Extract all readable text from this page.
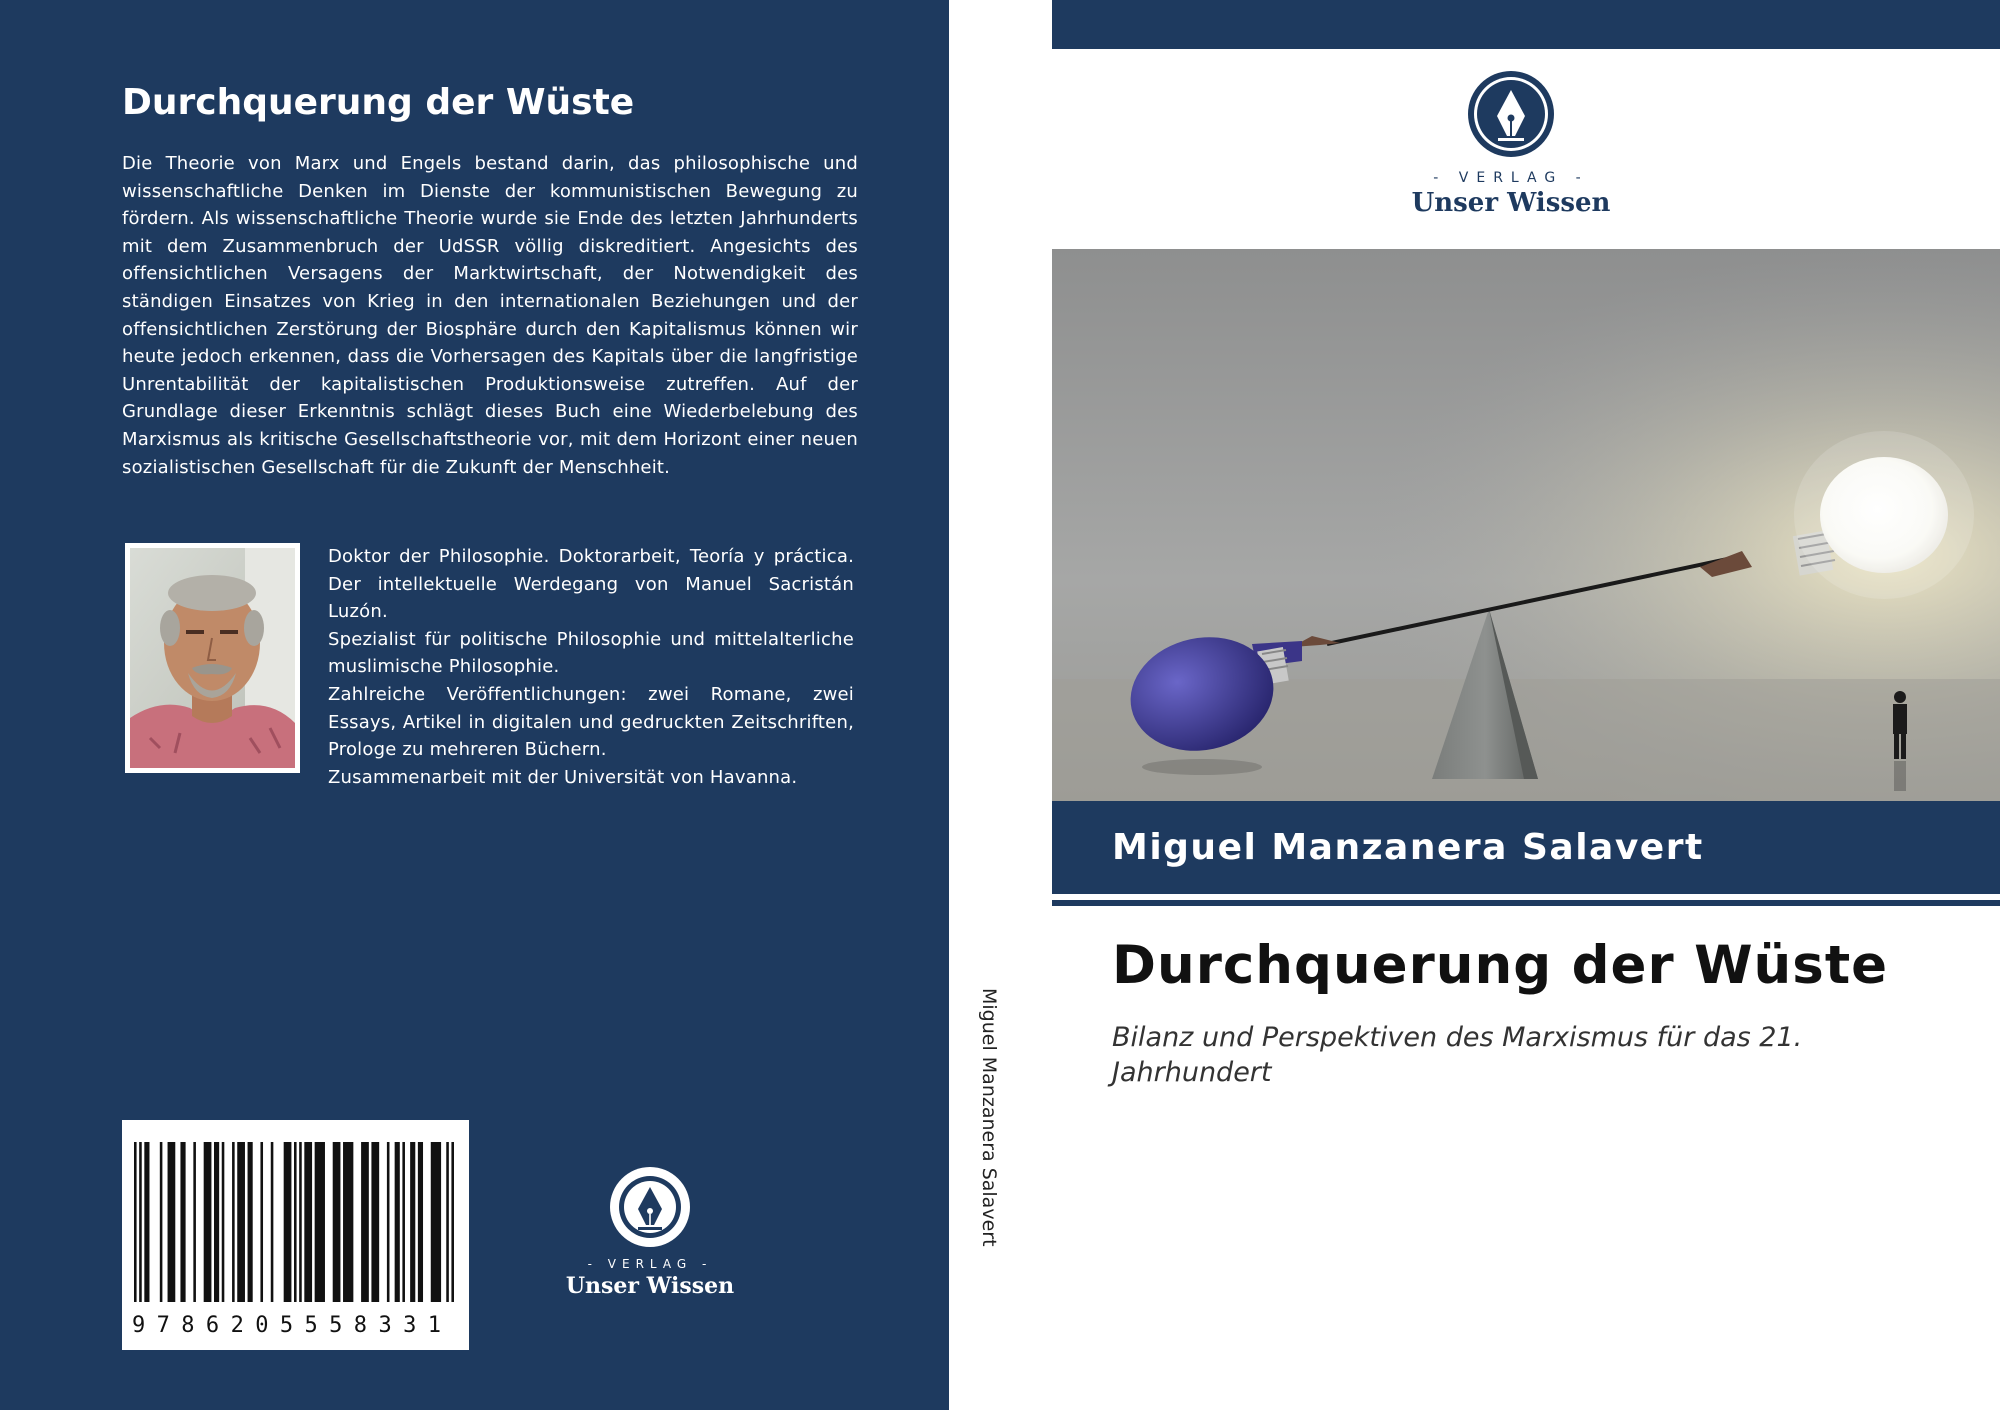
Durchquerung der Wüste
Die Theorie von Marx und Engels bestand darin, das philosophische und wissenschaftliche Denken im Dienste der kommunistischen Bewegung zu fördern. Als wissenschaftliche Theorie wurde sie Ende des letzten Jahrhunderts mit dem Zusammenbruch der UdSSR völlig diskreditiert. Angesichts des offensichtlichen Versagens der Marktwirtschaft, der Notwendigkeit des ständigen Einsatzes von Krieg in den internationalen Beziehungen und der offensichtlichen Zerstörung der Biosphäre durch den Kapitalismus können wir heute jedoch erkennen, dass die Vorhersagen des Kapitals über die langfristige Unrentabilität der kapitalistischen Produktionsweise zutreffen. Auf der Grundlage dieser Erkenntnis schlägt dieses Buch eine Wiederbelebung des Marxismus als kritische Gesellschaftstheorie vor, mit dem Horizont einer neuen sozialistischen Gesellschaft für die Zukunft der Menschheit.

Doktor der Philosophie. Doktorarbeit, Teoría y práctica. Der intellektuelle Werdegang von Manuel Sacristán Luzón.

Spezialist für politische Philosophie und mittelalterliche muslimische Philosophie.

Zahlreiche Veröffentlichungen: zwei Romane, zwei Essays, Artikel in digitalen und gedruckten Zeitschriften, Prologe zu mehreren Büchern.

Zusammenarbeit mit der Universität von Havanna.

9786205558331
- VERLAG -
Unser Wissen
Miguel Manzanera Salavert
- VERLAG -
Unser Wissen
Miguel Manzanera Salavert
Durchquerung der Wüste
Bilanz und Perspektiven des Marxismus für das 21. Jahrhundert
